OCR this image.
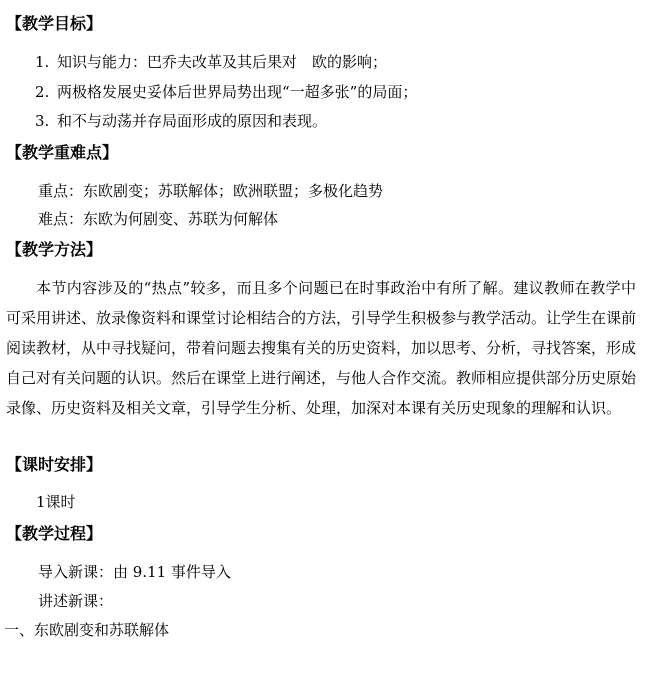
【教学目标】
1. 知识与能力：巴乔夫改革及其后果对　欧的影响；
2. 两极格发展史妥体后世界局势出现“一超多张”的局面；
3. 和不与动荡并存局面形成的原因和表现。
【教学重难点】
重点：东欧剧变；苏联解体；欧洲联盟；多极化趋势
难点：东欧为何剧变、苏联为何解体
【教学方法】
本节内容涉及的“热点”较多，而且多个问题已在时事政治中有所了解。建议教师在教学中可采用讲述、放录像资料和课堂讨论相结合的方法，引导学生积极参与教学活动。让学生在课前阅读教材，从中寻找疑问，带着问题去搜集有关的历史资料，加以思考、分析，寻找答案，形成自己对有关问题的认识。然后在课堂上进行阐述，与他人合作交流。教师相应提供部分历史原始录像、历史资料及相关文章，引导学生分析、处理，加深对本课有关历史现象的理解和认识。
【课时安排】
1课时
【教学过程】
导入新课：由 9.11 事件导入
讲述新课：
一、东欧剧变和苏联解体
